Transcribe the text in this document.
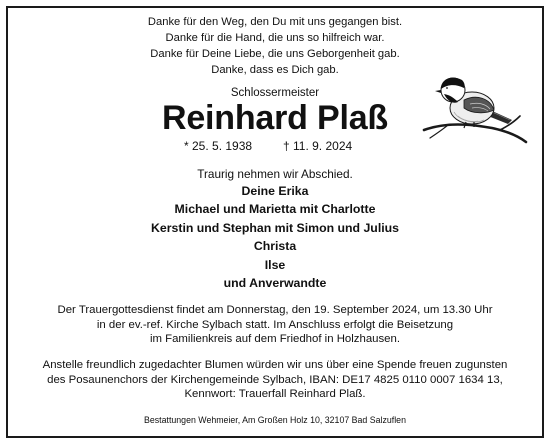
Danke für den Weg, den Du mit uns gegangen bist.
Danke für die Hand, die uns so hilfreich war.
Danke für Deine Liebe, die uns Geborgenheit gab.
Danke, dass es Dich gab.
Schlossermeister
Reinhard Plaß
* 25. 5. 1938	† 11. 9. 2024
Traurig nehmen wir Abschied.
Deine Erika
Michael und Marietta mit Charlotte
Kerstin und Stephan mit Simon und Julius
Christa
Ilse
und Anverwandte
Der Trauergottesdienst findet am Donnerstag, den 19. September 2024, um 13.30 Uhr
in der ev.-ref. Kirche Sylbach statt. Im Anschluss erfolgt die Beisetzung
im Familienkreis auf dem Friedhof in Holzhausen.
Anstelle freundlich zugedachter Blumen würden wir uns über eine Spende freuen zugunsten
des Posaunenchors der Kirchengemeinde Sylbach, IBAN: DE17 4825 0110 0007 1634 13,
Kennwort: Trauerfall Reinhard Plaß.
Bestattungen Wehmeier, Am Großen Holz 10, 32107 Bad Salzuflen
